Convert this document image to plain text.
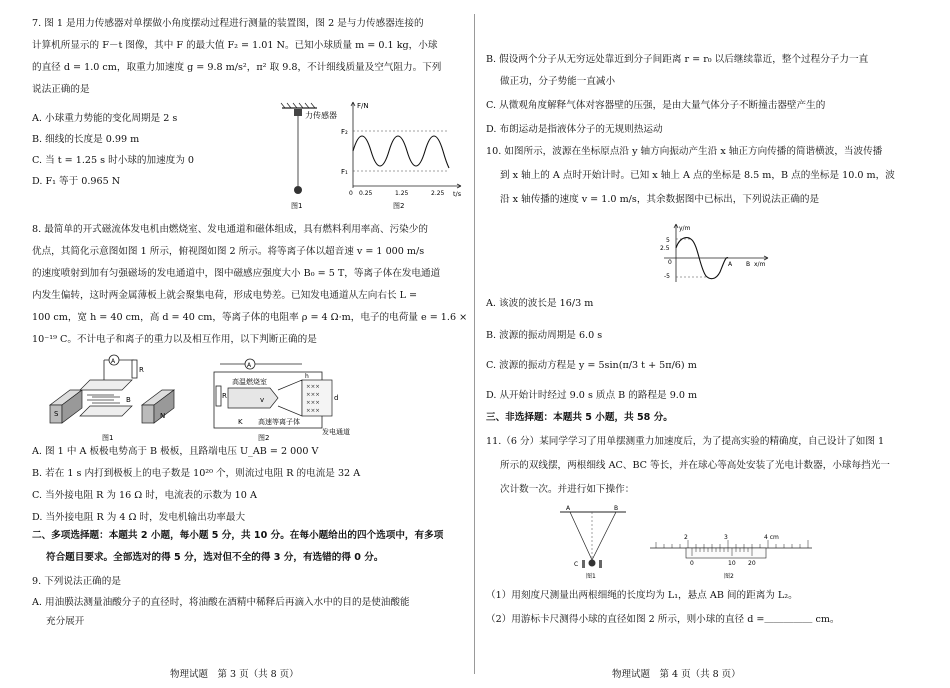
7. 图 1 是用力传感器对单摆做小角度摆动过程进行测量的装置图，图 2 是与力传感器连接的
计算机所显示的 F－t 图像，其中 F 的最大值 F₂ = 1.01 N。已知小球质量 m = 0.1 kg，小球
的直径 d = 1.0 cm，取重力加速度 g = 9.8 m/s²，π² 取 9.8，不计细线质量及空气阻力。下列
说法正确的是
A. 小球重力势能的变化周期是 2 s
B. 细线的长度是 0.99 m
C. 当 t = 1.25 s 时小球的加速度为 0
D. F₁ 等于 0.965 N
力传感器
图1
F/N
t/s
F₂
F₁
0 0.25	1.25	2.25
图2
8. 最简单的开式磁流体发电机由燃烧室、发电通道和磁体组成，具有燃料利用率高、污染少的
优点，其简化示意图如图 1 所示，俯视图如图 2 所示。将等离子体以超音速 v = 1 000 m/s
的速度喷射到加有匀强磁场的发电通道中，图中磁感应强度大小 B₀ = 5 T，等离子体在发电通道
内发生偏转，这时两金属薄板上就会聚集电荷，形成电势差。已知发电通道从左向右长 L =
100 cm，宽 h = 40 cm，高 d = 40 cm，等离子体的电阻率 ρ = 4 Ω·m，电子的电荷量 e = 1.6 ×
10⁻¹⁹ C。不计电子和离子的重力以及相互作用，以下判断正确的是
A
R
B
S	N
图1
A
R
高温燃烧室
v
×××
×××
×××
×××
d
h
K 高速等离子体
发电通道
图2
A. 图 1 中 A 板极电势高于 B 极板，且路端电压 U_AB = 2 000 V
B. 若在 1 s 内打到极板上的电子数是 10²⁰ 个，则流过电阻 R 的电流是 32 A
C. 当外接电阻 R 为 16 Ω 时，电流表的示数为 10 A
D. 当外接电阻 R 为 4 Ω 时，发电机输出功率最大
二、多项选择题：本题共 2 小题，每小题 5 分，共 10 分。在每小题给出的四个选项中，有多项
符合题目要求。全部选对的得 5 分，选对但不全的得 3 分，有选错的得 0 分。
9. 下列说法正确的是
A. 用油膜法测量油酸分子的直径时，将油酸在酒精中稀释后再滴入水中的目的是使油酸能
充分展开
物理试题　第 3 页（共 8 页）
B. 假设两个分子从无穷远处靠近到分子间距离 r = r₀ 以后继续靠近，整个过程分子力一直
做正功，分子势能一直减小
C. 从微观角度解释气体对容器壁的压强，是由大量气体分子不断撞击器壁产生的
D. 布朗运动是指液体分子的无规则热运动
10. 如图所示，波源在坐标原点沿 y 轴方向振动产生沿 x 轴正方向传播的简谐横波，当波传播
到 x 轴上的 A 点时开始计时。已知 x 轴上 A 点的坐标是 8.5 m，B 点的坐标是 10.0 m，波
沿 x 轴传播的速度 v = 1.0 m/s，其余数据图中已标出，下列说法正确的是
y/m
x/m
5
2.5
0
-5
A B
A. 该波的波长是 16/3 m
B. 波源的振动周期是 6.0 s
C. 波源的振动方程是 y = 5sin(π/3 t + 5π/6) m
D. 从开始计时经过 9.0 s 质点 B 的路程是 9.0 m
三、非选择题：本题共 5 小题，共 58 分。
11.（6 分）某同学学习了用单摆测重力加速度后，为了提高实验的精确度，自己设计了如图 1
所示的双线摆，两根细线 AC、BC 等长，并在球心等高处安装了光电计数器，小球每挡光一
次计数一次。并进行如下操作：
A	B
C
图1
2	3	4 cm
0	10 20
图2
（1）用刻度尺测量出两根细绳的长度均为 L₁，悬点 AB 间的距离为 L₂。
（2）用游标卡尺测得小球的直径如图 2 所示，则小球的直径 d =＿＿＿＿＿ cm。
物理试题　第 4 页（共 8 页）
